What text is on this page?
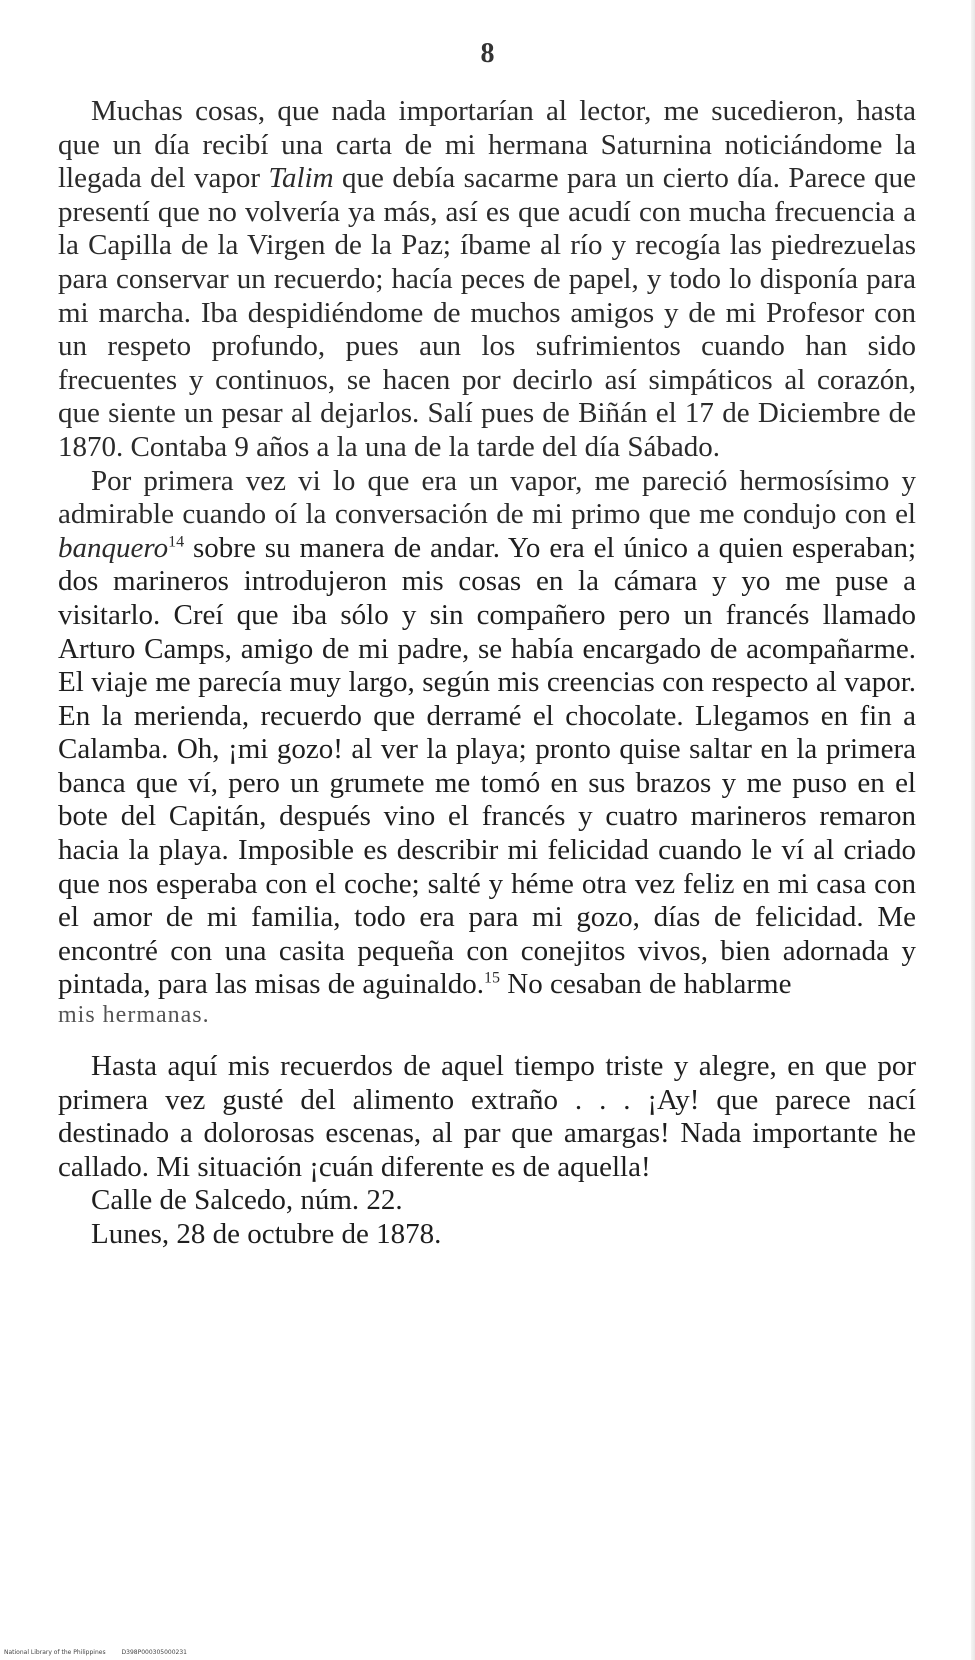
8

Muchas cosas, que nada importarían al lector, me sucedieron, hasta que un día recibí una carta de mi hermana Saturnina noticiándome la llegada del vapor Talim que debía sacarme para un cierto día. Parece que presentí que no volvería ya más, así es que acudí con mucha frecuencia a la Capilla de la Virgen de la Paz; íbame al río y recogía las piedrezuelas para conservar un recuerdo; hacía peces de papel, y todo lo disponía para mi marcha. Iba despidiéndome de muchos amigos y de mi Profesor con un respeto profundo, pues aun los sufrimientos cuando han sido frecuentes y continuos, se hacen por decirlo así simpáticos al corazón, que siente un pesar al dejarlos. Salí pues de Biñán el 17 de Diciembre de 1870. Contaba 9 años a la una de la tarde del día Sábado.

Por primera vez vi lo que era un vapor, me pareció hermosísimo y admirable cuando oí la conversación de mi primo que me condujo con el banquero$^{14}$ sobre su manera de andar. Yo era el único a quien esperaban; dos marineros introdujeron mis cosas en la cámara y yo me puse a visitarlo. Creí que iba sólo y sin compañero pero un francés llamado Arturo Camps, amigo de mi padre, se había encargado de acompañarme. El viaje me parecía muy largo, según mis creencias con respecto al vapor. En la merienda, recuerdo que derramé el chocolate. Llegamos en fin a Calamba. Oh, ¡mi gozo! al ver la playa; pronto quise saltar en la primera banca que ví, pero un grumete me tomó en sus brazos y me puso en el bote del Capitán, después vino el francés y cuatro marineros remaron hacia la playa. Imposible es describir mi felicidad cuando le ví al criado que nos esperaba con el coche; salté y héme otra vez feliz en mi casa con el amor de mi familia, todo era para mi gozo, días de felicidad. Me encontré con una casita pequeña con conejitos vivos, bien adornada y pintada, para las misas de aguinaldo.$^{15}$ No cesaban de hablarme

mis hermanas.

Hasta aquí mis recuerdos de aquel tiempo triste y alegre, en que por primera vez gusté del alimento extraño . . . ¡Ay! que parece nací destinado a dolorosas escenas, al par que amargas! Nada importante he callado. Mi situación ¡cuán diferente es de aquella!

Calle de Salcedo, núm. 22.

Lunes, 28 de octubre de 1878.

National Library of the Philippines	D398P000305000231
